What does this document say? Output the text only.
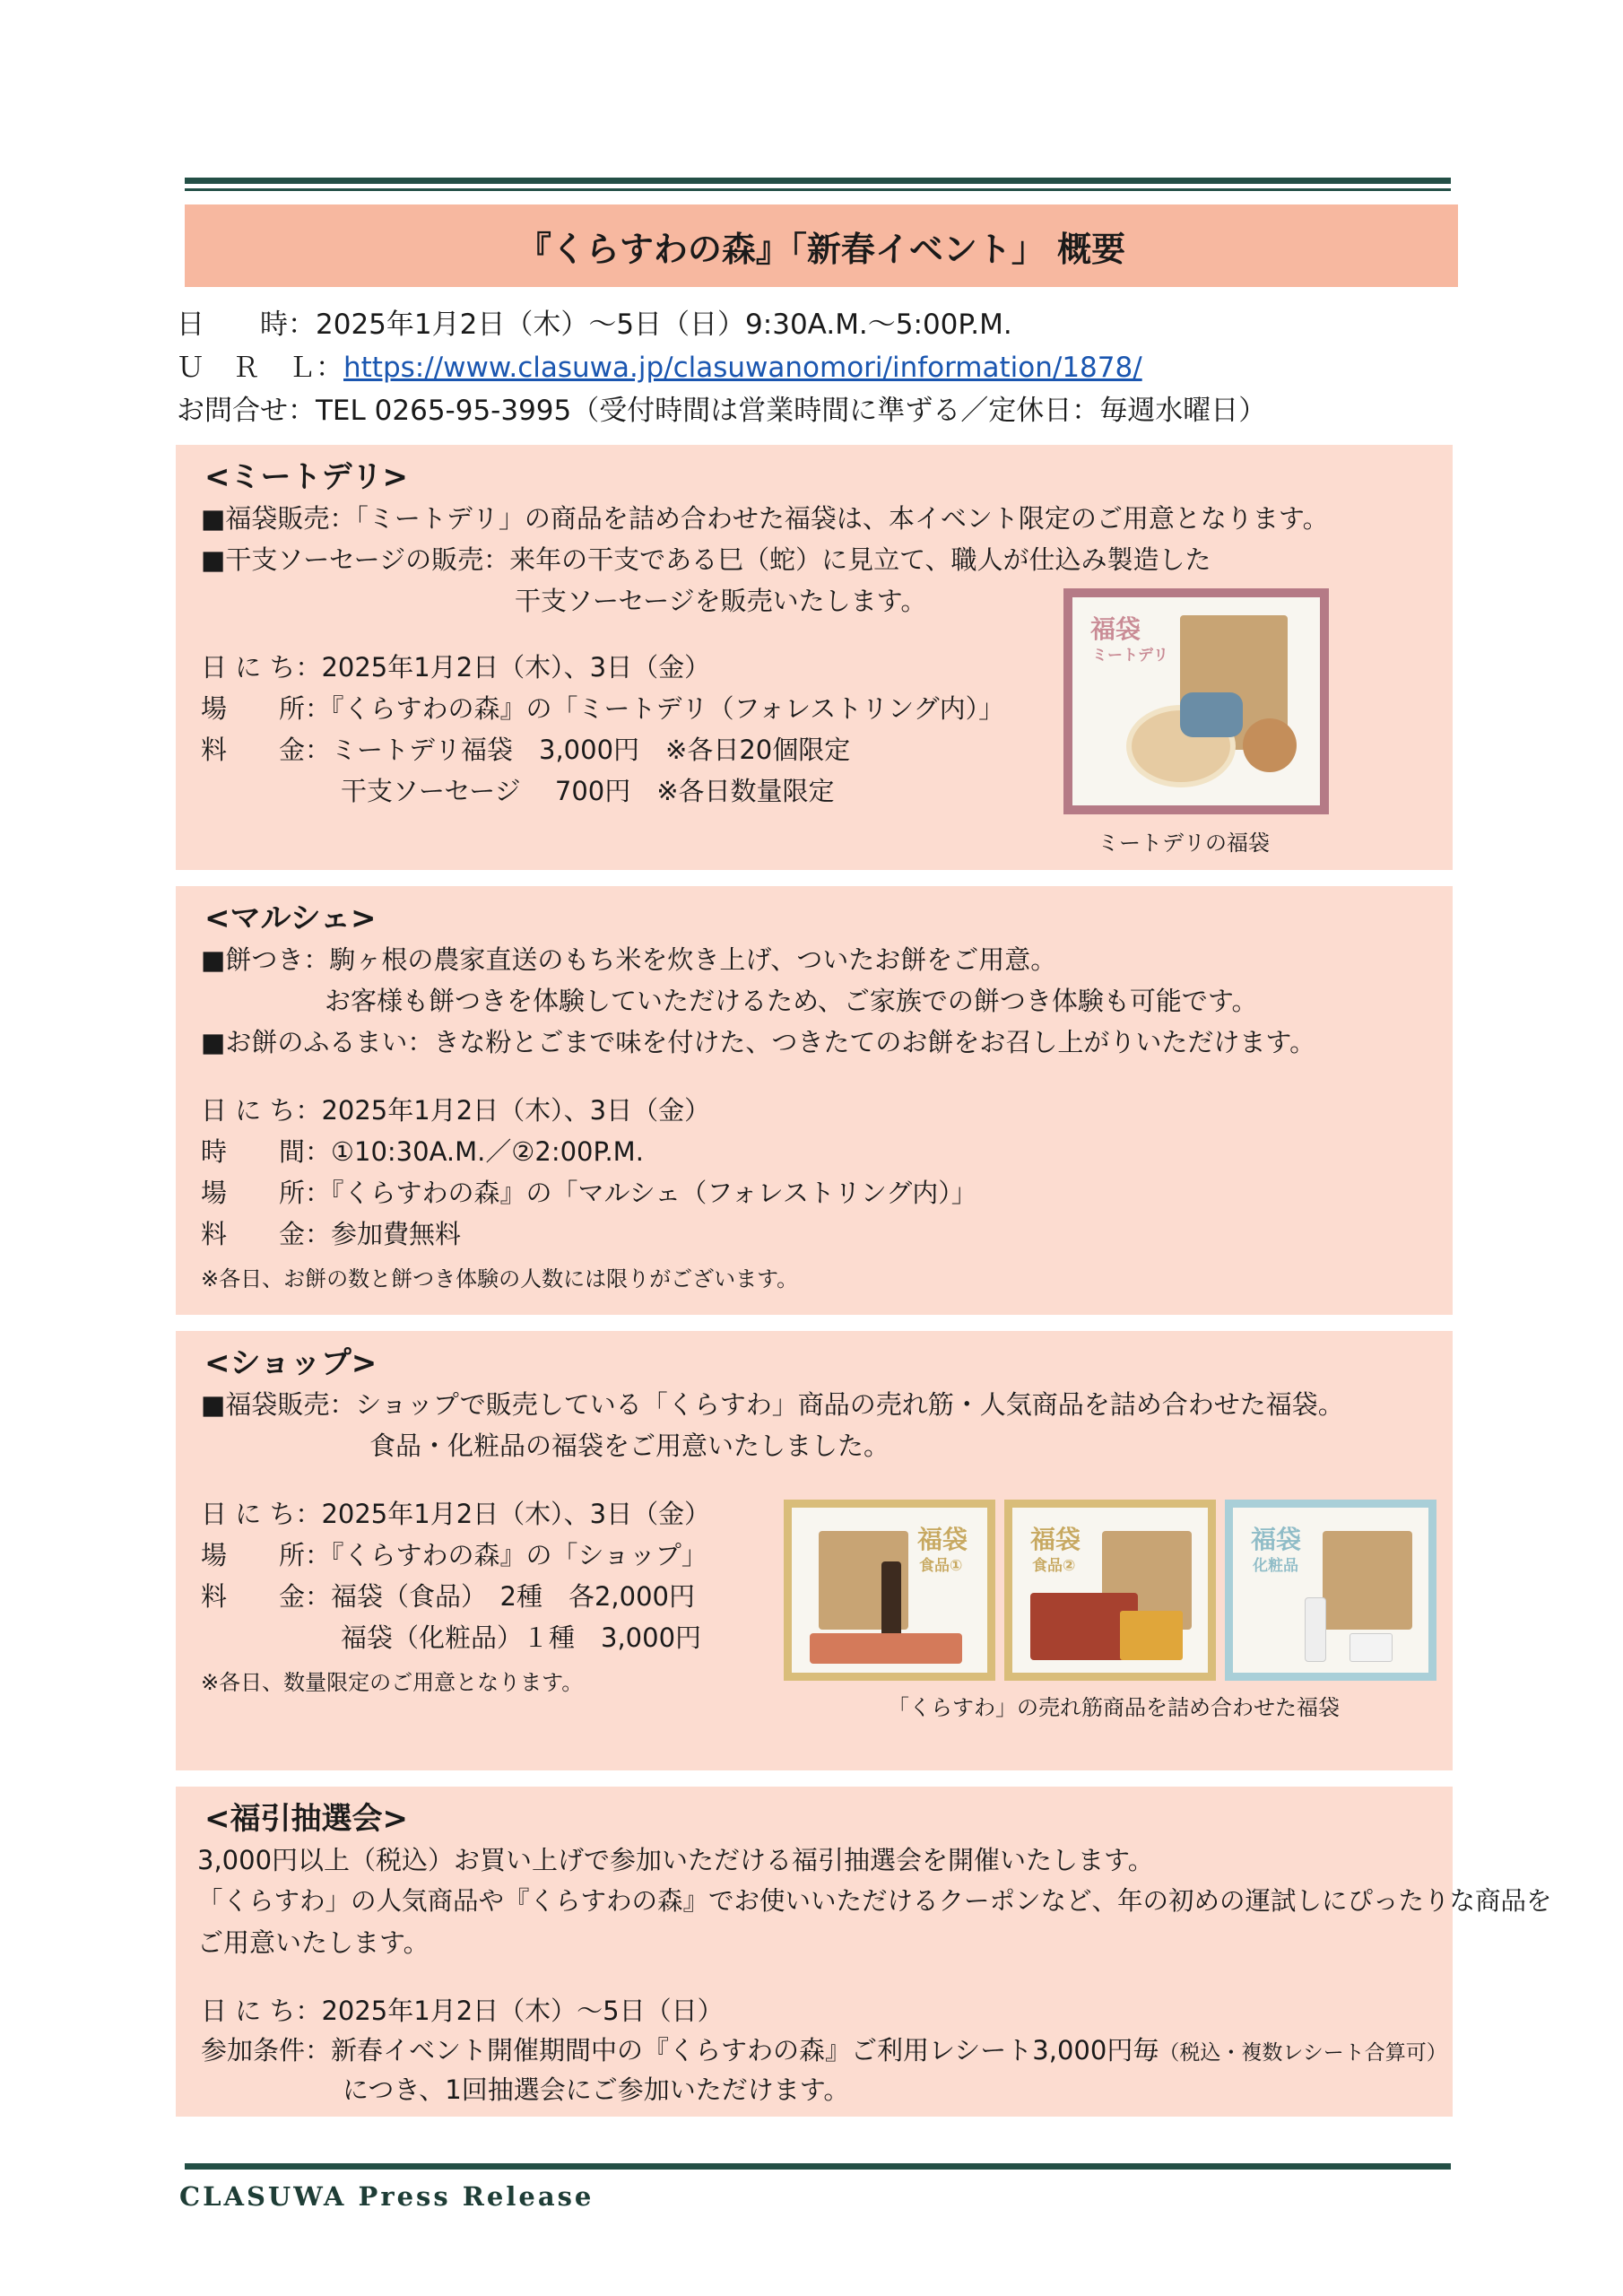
『くらすわの森』「新春イベント」 概要
日　　時：2025年1月2日（木）～5日（日）9:30A.M.～5:00P.M.
Ｕ　Ｒ　Ｌ：https://www.clasuwa.jp/clasuwanomori/information/1878/
お問合せ：TEL 0265-95-3995（受付時間は営業時間に準ずる／定休日：毎週水曜日）
<ミートデリ>
■福袋販売：「ミートデリ」の商品を詰め合わせた福袋は、本イベント限定のご用意となります。
■干支ソーセージの販売：来年の干支である巳（蛇）に見立て、職人が仕込み製造した
干支ソーセージを販売いたします。
日 に ち：2025年1月2日（木）、3日（金）
場　　所：『くらすわの森』の「ミートデリ（フォレストリング内）」
料　　金：ミートデリ福袋　3,000円　※各日20個限定
干支ソーセージ　 700円　※各日数量限定
福袋
ミートデリ
ミートデリの福袋
<マルシェ>
■餅つき：駒ヶ根の農家直送のもち米を炊き上げ、ついたお餅をご用意。
お客様も餅つきを体験していただけるため、ご家族での餅つき体験も可能です。
■お餅のふるまい：きな粉とごまで味を付けた、つきたてのお餅をお召し上がりいただけます。
日 に ち：2025年1月2日（木）、3日（金）
時　　間：①10:30A.M.／②2:00P.M.
場　　所：『くらすわの森』の「マルシェ（フォレストリング内）」
料　　金：参加費無料
※各日、お餅の数と餅つき体験の人数には限りがございます。
<ショップ>
■福袋販売：ショップで販売している「くらすわ」商品の売れ筋・人気商品を詰め合わせた福袋。
食品・化粧品の福袋をご用意いたしました。
日 に ち：2025年1月2日（木）、3日（金）
場　　所：『くらすわの森』の「ショップ」
料　　金：福袋（食品）　2種　各2,000円
福袋（化粧品）１種　3,000円
※各日、数量限定のご用意となります。
福袋
食品①
福袋
食品②
福袋
化粧品
「くらすわ」の売れ筋商品を詰め合わせた福袋
<福引抽選会>
3,000円以上（税込）お買い上げで参加いただける福引抽選会を開催いたします。
「くらすわ」の人気商品や『くらすわの森』でお使いいただけるクーポンなど、年の初めの運試しにぴったりな商品を
ご用意いたします。
日 に ち：2025年1月2日（木）～5日（日）
参加条件：新春イベント開催期間中の『くらすわの森』ご利用レシート3,000円毎（税込・複数レシート合算可）
につき、1回抽選会にご参加いただけます。
CLASUWA Press Release
